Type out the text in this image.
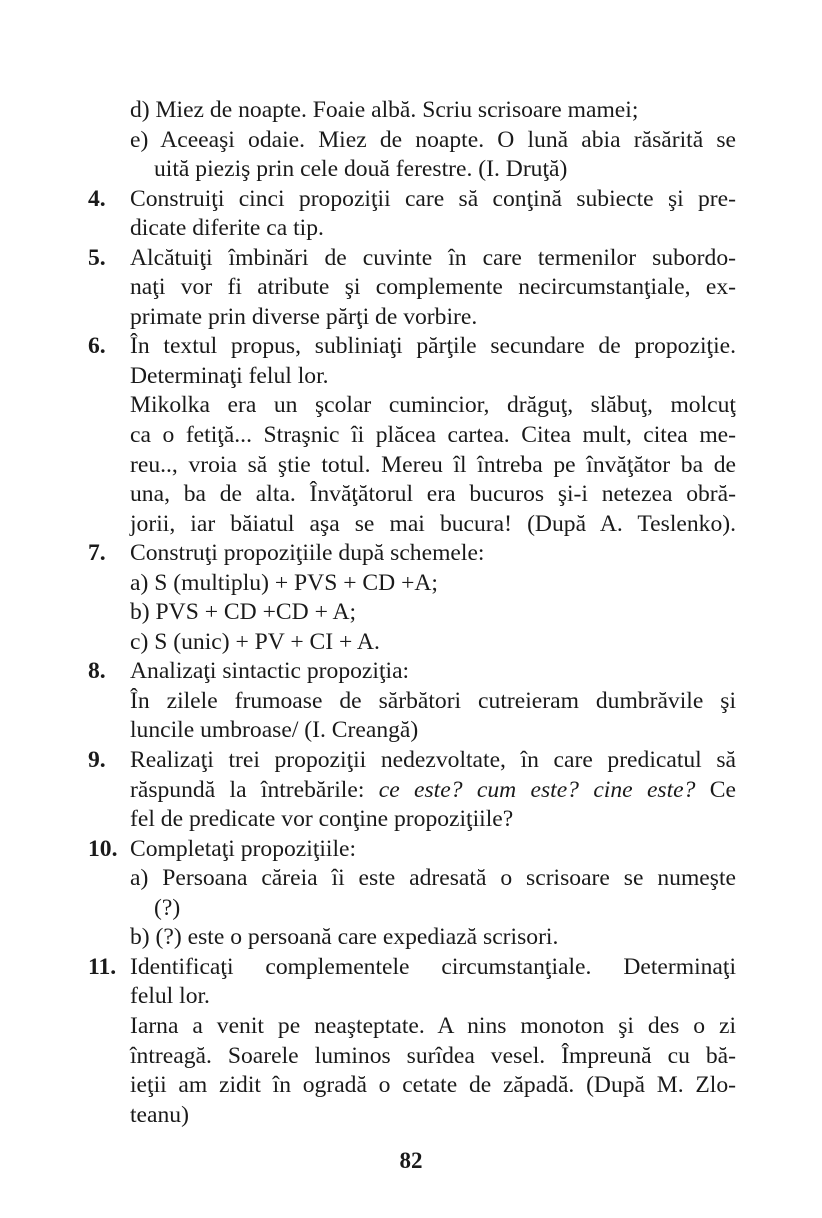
d) Miez de noapte. Foaie albă. Scriu scrisoare mamei;
e) Aceeaşi odaie. Miez de noapte. O lună abia răsărită se
uită pieziş prin cele două ferestre. (I. Druţă)
4. Construiţi cinci propoziţii care să conţină subiecte şi pre-
dicate diferite ca tip.
5. Alcătuiţi îmbinări de cuvinte în care termenilor subordo-
naţi vor fi atribute şi complemente necircumstanţiale, ex-
primate prin diverse părţi de vorbire.
6. În textul propus, subliniaţi părţile secundare de propoziţie.
Determinaţi felul lor.
Mikolka era un şcolar cumincior, drăguţ, slăbuţ, molcuţ
ca o fetiţă... Straşnic îi plăcea cartea. Citea mult, citea me-
reu.., vroia să ştie totul. Mereu îl întreba pe învăţător ba de
una, ba de alta. Învăţătorul era bucuros şi-i netezea obră-
jorii, iar băiatul aşa se mai bucura! (După A. Teslenko).
7. Construţi propoziţiile după schemele:
a) S (multiplu) + PVS + CD +A;
b) PVS + CD +CD + A;
c) S (unic) + PV + CI + A.
8. Analizaţi sintactic propoziţia:
În zilele frumoase de sărbători cutreieram dumbrăvile şi
luncile umbroase/ (I. Creangă)
9. Realizaţi trei propoziţii nedezvoltate, în care predicatul să
răspundă la întrebările: ce este? cum este? cine este? Ce
fel de predicate vor conţine propoziţiile?
10. Completaţi propoziţiile:
a) Persoana căreia îi este adresată o scrisoare se numeşte
(?)
b) (?) este o persoană care expediază scrisori.
11. Identificaţi complementele circumstanţiale. Determinaţi
felul lor.
Iarna a venit pe neaşteptate. A nins monoton şi des o zi
întreagă. Soarele luminos surîdea vesel. Împreună cu bă-
ieţii am zidit în ogradă o cetate de zăpadă. (După M. Zlo-
teanu)
82
